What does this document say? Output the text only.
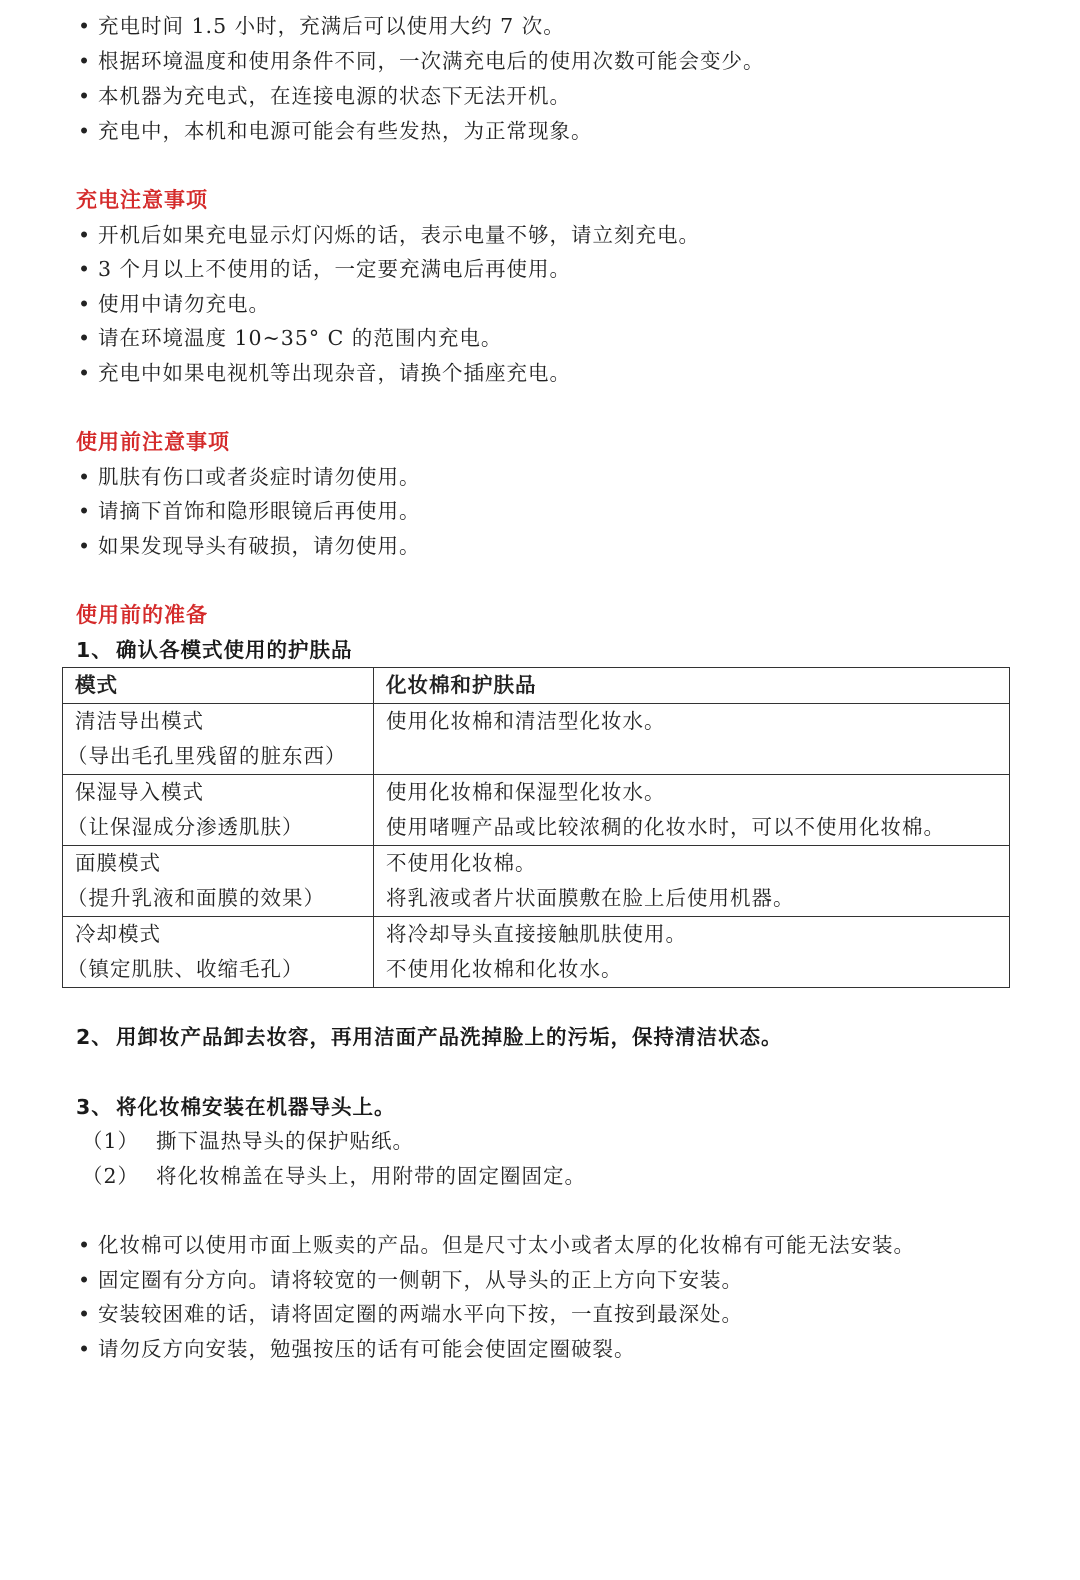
• 充电时间 1.5 小时，充满后可以使用大约 7 次。
• 根据环境温度和使用条件不同，一次满充电后的使用次数可能会变少。
• 本机器为充电式，在连接电源的状态下无法开机。
• 充电中，本机和电源可能会有些发热，为正常现象。
充电注意事项
• 开机后如果充电显示灯闪烁的话，表示电量不够，请立刻充电。
• 3 个月以上不使用的话，一定要充满电后再使用。
• 使用中请勿充电。
• 请在环境温度 10~35° C 的范围内充电。
• 充电中如果电视机等出现杂音，请换个插座充电。
使用前注意事项
• 肌肤有伤口或者炎症时请勿使用。
• 请摘下首饰和隐形眼镜后再使用。
• 如果发现导头有破损，请勿使用。
使用前的准备
1、 确认各模式使用的护肤品
模式	化妆棉和护肤品

清洁导出模式
（导出毛孔里残留的脏东西）	使用化妆棉和清洁型化妆水。

保湿导入模式
（让保湿成分渗透肌肤）	使用化妆棉和保湿型化妆水。
使用啫喱产品或比较浓稠的化妆水时，可以不使用化妆棉。

面膜模式
（提升乳液和面膜的效果）	不使用化妆棉。
将乳液或者片状面膜敷在脸上后使用机器。

冷却模式
（镇定肌肤、收缩毛孔）	将冷却导头直接接触肌肤使用。
不使用化妆棉和化妆水。
2、 用卸妆产品卸去妆容，再用洁面产品洗掉脸上的污垢，保持清洁状态。
3、 将化妆棉安装在机器导头上。
（1） 撕下温热导头的保护贴纸。
（2） 将化妆棉盖在导头上，用附带的固定圈固定。
• 化妆棉可以使用市面上贩卖的产品。但是尺寸太小或者太厚的化妆棉有可能无法安装。
• 固定圈有分方向。请将较宽的一侧朝下，从导头的正上方向下安装。
• 安装较困难的话，请将固定圈的两端水平向下按，一直按到最深处。
• 请勿反方向安装，勉强按压的话有可能会使固定圈破裂。
